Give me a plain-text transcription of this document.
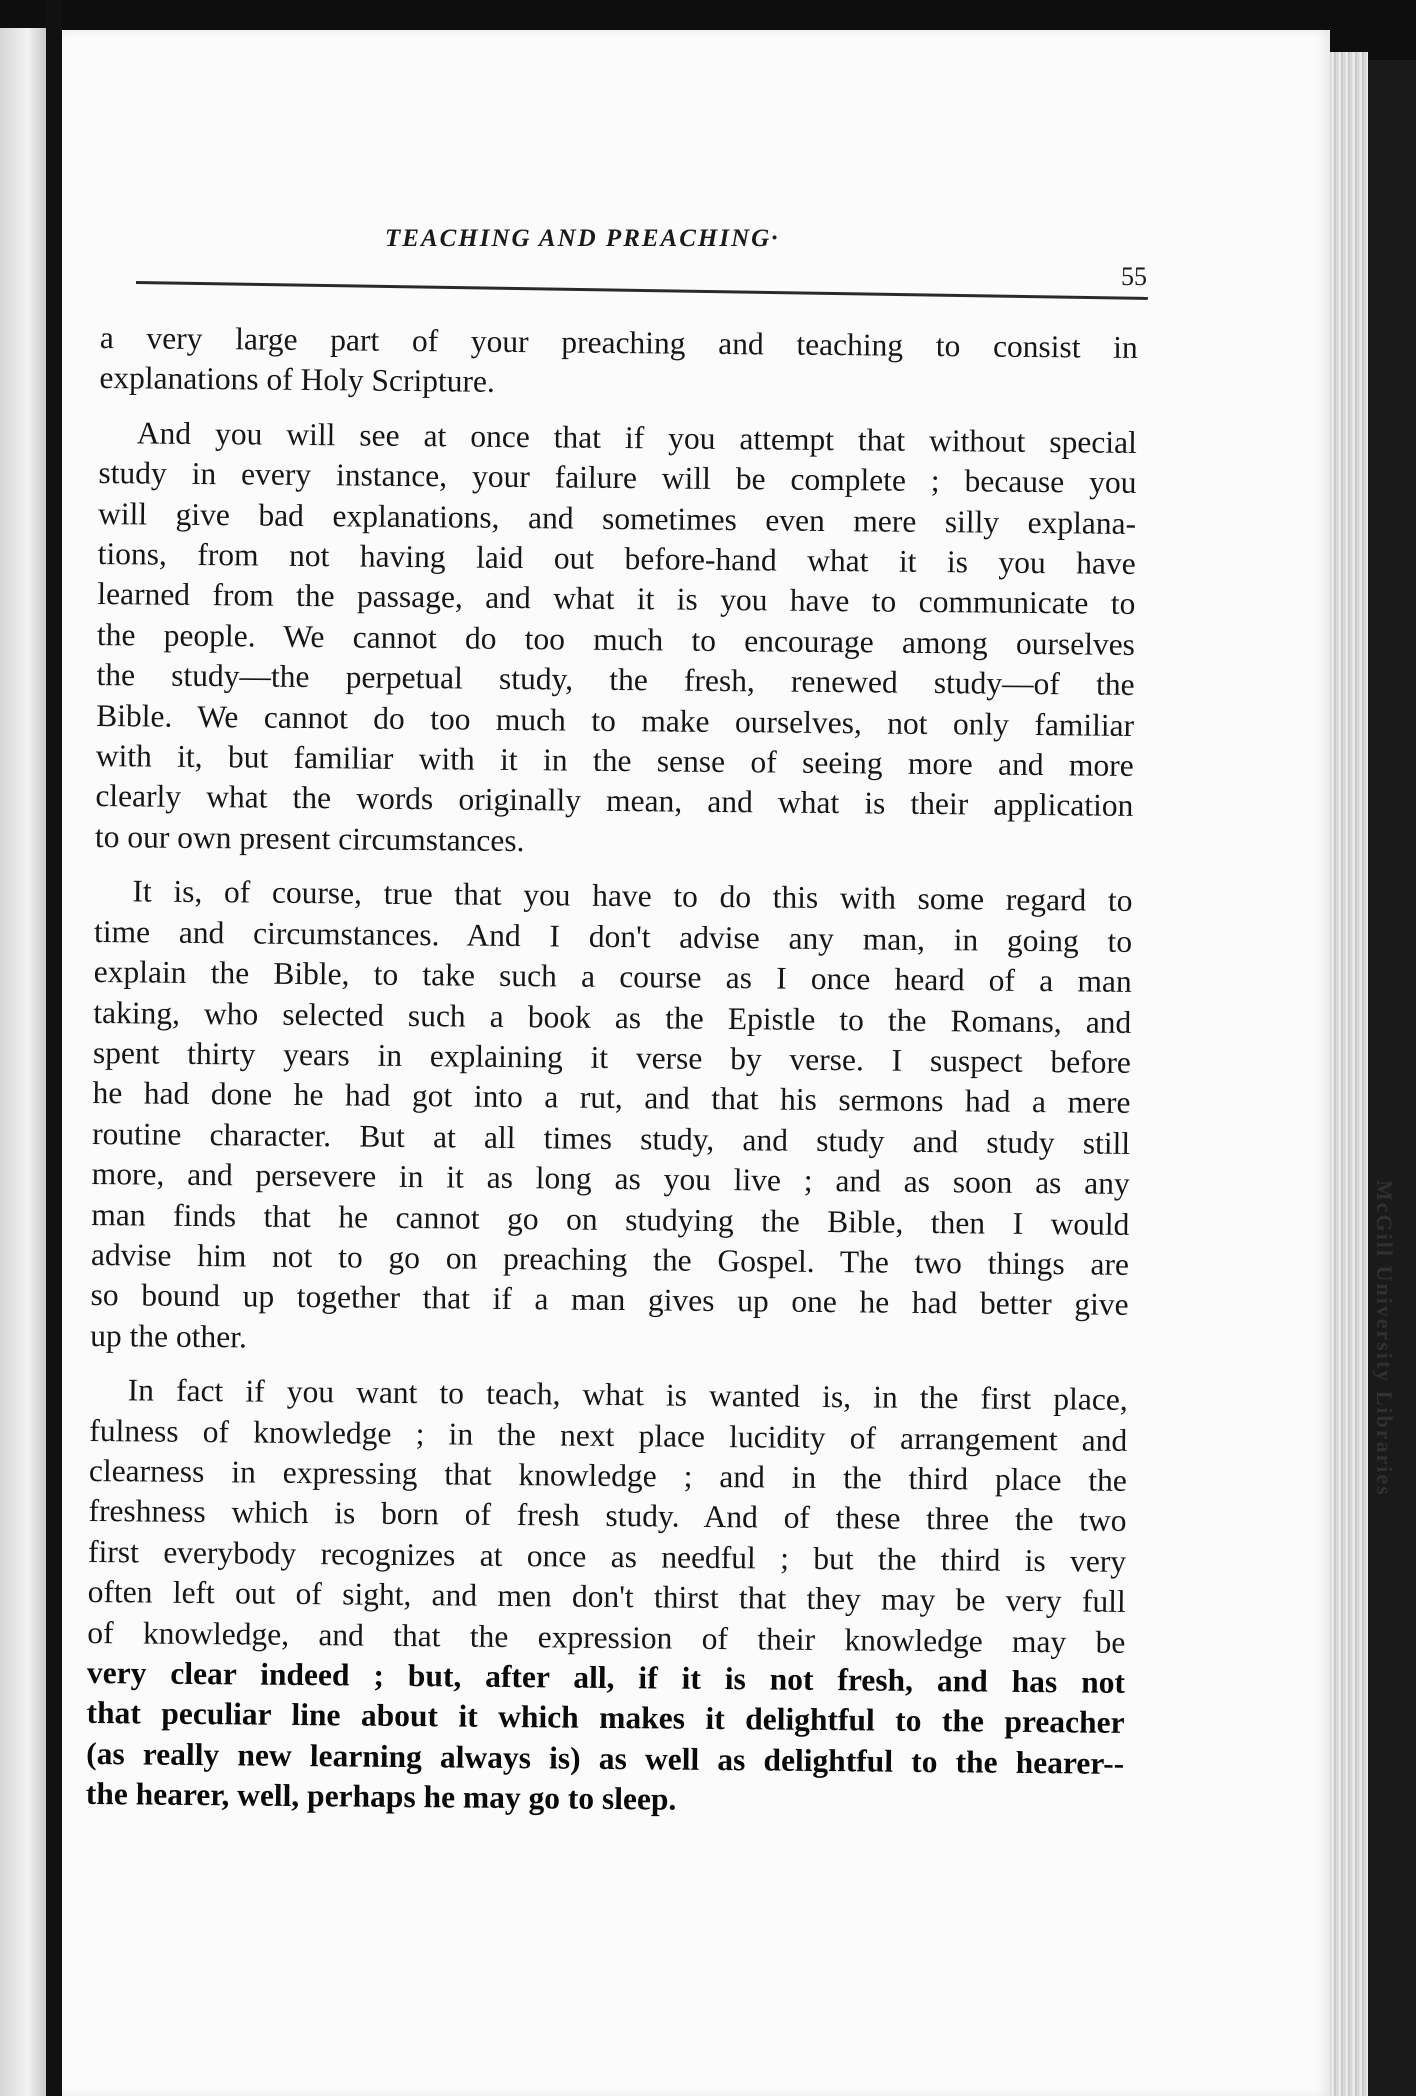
McGill University Libraries
TEACHING AND PREACHING·
55
a very large part of your preaching and teaching to consist in
explanations of Holy Scripture.
And you will see at once that if you attempt that without special
study in every instance, your failure will be complete ; because you
will give bad explanations, and sometimes even mere silly explana-
tions, from not having laid out before-hand what it is you have
learned from the passage, and what it is you have to communicate to
the people. We cannot do too much to encourage among ourselves
the study—the perpetual study, the fresh, renewed study—of the
Bible. We cannot do too much to make ourselves, not only familiar
with it, but familiar with it in the sense of seeing more and more
clearly what the words originally mean, and what is their application
to our own present circumstances.
It is, of course, true that you have to do this with some regard to
time and circumstances. And I don't advise any man, in going to
explain the Bible, to take such a course as I once heard of a man
taking, who selected such a book as the Epistle to the Romans, and
spent thirty years in explaining it verse by verse. I suspect before
he had done he had got into a rut, and that his sermons had a mere
routine character. But at all times study, and study and study still
more, and persevere in it as long as you live ; and as soon as any
man finds that he cannot go on studying the Bible, then I would
advise him not to go on preaching the Gospel. The two things are
so bound up together that if a man gives up one he had better give
up the other.
In fact if you want to teach, what is wanted is, in the first place,
fulness of knowledge ; in the next place lucidity of arrangement and
clearness in expressing that knowledge ; and in the third place the
freshness which is born of fresh study. And of these three the two
first everybody recognizes at once as needful ; but the third is very
often left out of sight, and men don't thirst that they may be very full
of knowledge, and that the expression of their knowledge may be
very clear indeed ; but, after all, if it is not fresh, and has not
that peculiar line about it which makes it delightful to the preacher
(as really new learning always is) as well as delightful to the hearer--
the hearer, well, perhaps he may go to sleep.
